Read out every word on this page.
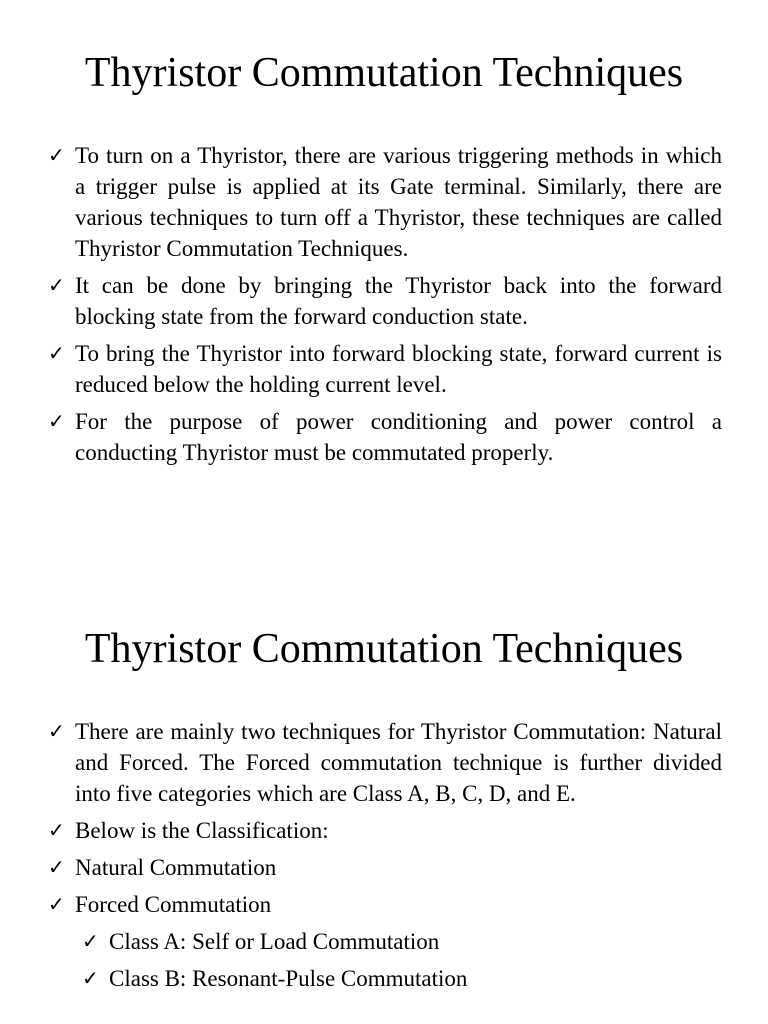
Thyristor Commutation Techniques
✓ To turn on a Thyristor, there are various triggering methods in which a trigger pulse is applied at its Gate terminal. Similarly, there are various techniques to turn off a Thyristor, these techniques are called Thyristor Commutation Techniques.
✓ It can be done by bringing the Thyristor back into the forward blocking state from the forward conduction state.
✓ To bring the Thyristor into forward blocking state, forward current is reduced below the holding current level.
✓ For the purpose of power conditioning and power control a conducting Thyristor must be commutated properly.
Thyristor Commutation Techniques
✓ There are mainly two techniques for Thyristor Commutation: Natural and Forced. The Forced commutation technique is further divided into five categories which are Class A, B, C, D, and E.
✓ Below is the Classification:
✓ Natural Commutation
✓ Forced Commutation
✓ Class A: Self or Load Commutation
✓ Class B: Resonant-Pulse Commutation
